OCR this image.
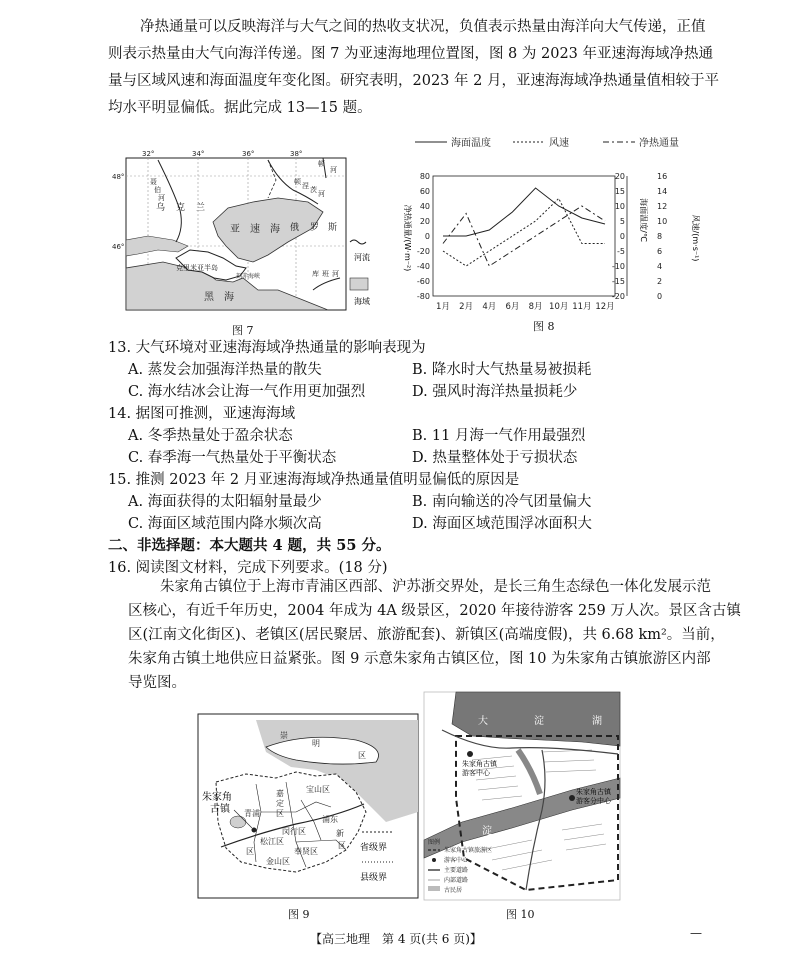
净热通量可以反映海洋与大气之间的热收支状况，负值表示热量由海洋向大气传递，正值
则表示热量由大气向海洋传递。图 7 为亚速海地理位置图，图 8 为 2023 年亚速海海域净热通
量与区域风速和海面温度年变化图。研究表明，2023 年 2 月，亚速海海域净热通量值相较于平
均水平明显偏低。据此完成 13—15 题。
32°	34°	36°	38°
48°
46°
乌 克 兰
俄 罗 斯
亚 速 海
克里米亚半岛
刻赤海峡
黑 海
聂
伯
河
顿
河
顿 涅 茨 河
库 班 河
河流
海域
图 7
海面温度	风速	净热通量
80
60
40
20
0
-20
-40
-60
-80
20
15
10
5
0
-5
-10
-15
-20
16
14
12
10
8
6
4
2
0
1月 2月 4月 6月 8月 10月 11月 12月
净热通量/(W·m⁻²)	海面温度/℃	风速/(m·s⁻¹)
图 8
13. 大气环境对亚速海海域净热通量的影响表现为
A. 蒸发会加强海洋热量的散失	B. 降水时大气热量易被损耗
C. 海水结冰会让海一气作用更加强烈	D. 强风时海洋热量损耗少
14. 据图可推测，亚速海海域
A. 冬季热量处于盈余状态	B. 11 月海一气作用最强烈
C. 春季海一气热量处于平衡状态	D. 热量整体处于亏损状态
15. 推测 2023 年 2 月亚速海海域净热通量值明显偏低的原因是
A. 海面获得的太阳辐射量最少	B. 南向输送的冷气团量偏大
C. 海面区域范围内降水频次高	D. 海面区域范围浮冰面积大
二、非选择题：本大题共 4 题，共 55 分。
16. 阅读图文材料，完成下列要求。(18 分)
朱家角古镇位于上海市青浦区西部、沪苏浙交界处，是长三角生态绿色一体化发展示范
区核心，有近千年历史，2004 年成为 4A 级景区，2020 年接待游客 259 万人次。景区含古镇
区(江南文化街区)、老镇区(居民聚居、旅游配套)、新镇区(高端度假)，共 6.68 km²。当前，
朱家角古镇土地供应日益紧张。图 9 示意朱家角古镇区位，图 10 为朱家角古镇旅游区内部
导览图。
朱家角
古镇
崇
明
区
嘉
定
区
宝 山 区
青 浦
区
闵 行 区
浦 东
新
区
松 江 区
奉 贤 区
金 山 区
省级界
县级界
图 9
大	淀	湖
淀
朱家角古镇
游客中心
朱家角古镇
游客分中心
图例
朱家角古镇旅游区
游客中心
主要道路
内部道路
古民居
图 10
【高三地理　第 4 页(共 6 页)】	—
